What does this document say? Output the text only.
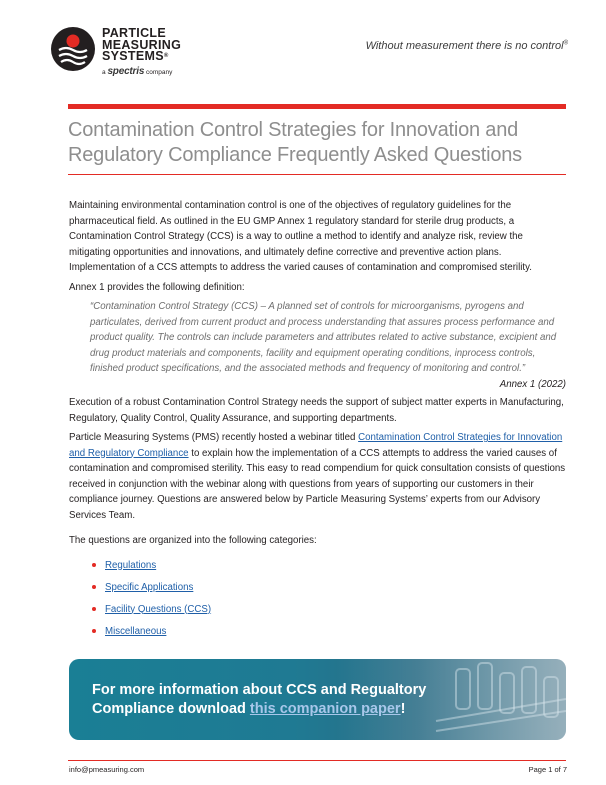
PARTICLE
MEASURING
SYSTEMS®
a spectris company
Without measurement there is no control®
Contamination Control Strategies for Innovation and Regulatory Compliance Frequently Asked Questions

Maintaining environmental contamination control is one of the objectives of regulatory guidelines for the pharmaceutical field. As outlined in the EU GMP Annex 1 regulatory standard for sterile drug products, a Contamination Control Strategy (CCS) is a way to outline a method to identify and analyze risk, review the mitigating opportunities and innovations, and ultimately define corrective and preventive action plans. Implementation of a CCS attempts to address the varied causes of contamination and compromised sterility.

Annex 1 provides the following definition:

“Contamination Control Strategy (CCS) – A planned set of controls for microorganisms, pyrogens and particulates, derived from current product and process understanding that assures process performance and product quality. The controls can include parameters and attributes related to active substance, excipient and drug product materials and components, facility and equipment operating conditions, inprocess controls, finished product specifications, and the associated methods and frequency of monitoring and control.”
Annex 1 (2022)

Execution of a robust Contamination Control Strategy needs the support of subject matter experts in Manufacturing, Regulatory, Quality Control, Quality Assurance, and supporting departments.

Particle Measuring Systems (PMS) recently hosted a webinar titled Contamination Control Strategies for Innovation and Regulatory Compliance to explain how the implementation of a CCS attempts to address the varied causes of contamination and compromised sterility. This easy to read compendium for quick consultation consists of questions received in conjunction with the webinar along with questions from years of supporting our customers in their compliance journey. Questions are answered below by Particle Measuring Systems’ experts from our Advisory Services Team.

The questions are organized into the following categories:

Regulations
Specific Applications
Facility Questions (CCS)
Miscellaneous
For more information about CCS and Regualtory
Compliance download this companion paper!
info@pmeasuring.com	Page 1 of 7
